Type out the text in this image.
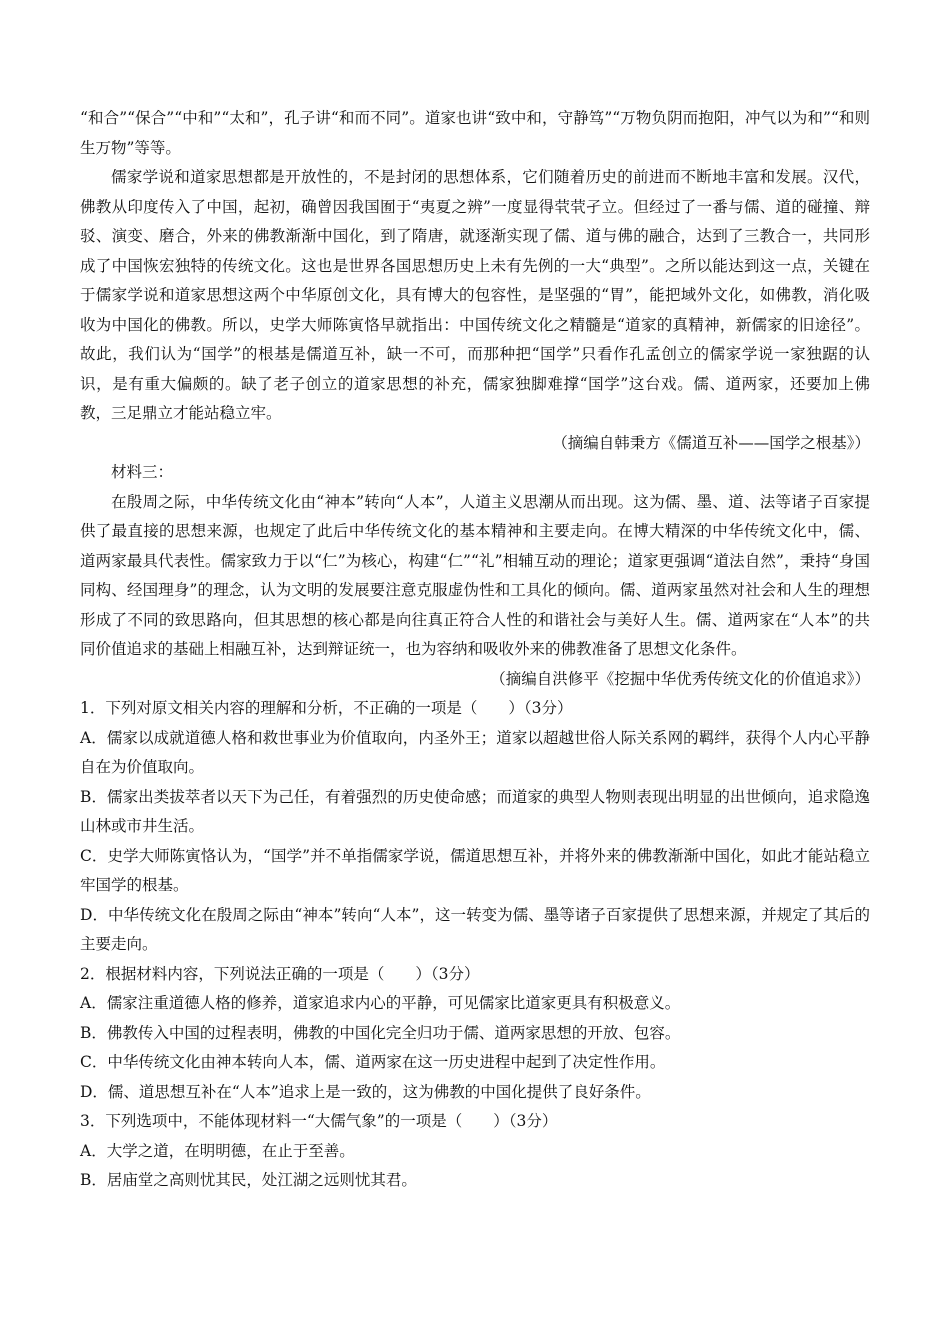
“和合”“保合”“中和”“太和”，孔子讲“和而不同”。道家也讲“致中和，守静笃”“万物负阴而抱阳，冲气以为和”“和则生万物”等等。

儒家学说和道家思想都是开放性的，不是封闭的思想体系，它们随着历史的前进而不断地丰富和发展。汉代，佛教从印度传入了中国，起初，确曾因我国囿于“夷夏之辨”一度显得茕茕孑立。但经过了一番与儒、道的碰撞、辩驳、演变、磨合，外来的佛教渐渐中国化，到了隋唐，就逐渐实现了儒、道与佛的融合，达到了三教合一，共同形成了中国恢宏独特的传统文化。这也是世界各国思想历史上未有先例的一大“典型”。之所以能达到这一点，关键在于儒家学说和道家思想这两个中华原创文化，具有博大的包容性，是坚强的“胃”，能把域外文化，如佛教，消化吸收为中国化的佛教。所以，史学大师陈寅恪早就指出：中国传统文化之精髓是“道家的真精神，新儒家的旧途径”。故此，我们认为“国学”的根基是儒道互补，缺一不可，而那种把“国学”只看作孔孟创立的儒家学说一家独踞的认识，是有重大偏颇的。缺了老子创立的道家思想的补充，儒家独脚难撑“国学”这台戏。儒、道两家，还要加上佛教，三足鼎立才能站稳立牢。

（摘编自韩秉方《儒道互补——国学之根基》）

材料三：

在殷周之际，中华传统文化由“神本”转向“人本”，人道主义思潮从而出现。这为儒、墨、道、法等诸子百家提供了最直接的思想来源，也规定了此后中华传统文化的基本精神和主要走向。在博大精深的中华传统文化中，儒、道两家最具代表性。儒家致力于以“仁”为核心，构建“仁”“礼”相辅互动的理论；道家更强调“道法自然”，秉持“身国同构、经国理身”的理念，认为文明的发展要注意克服虚伪性和工具化的倾向。儒、道两家虽然对社会和人生的理想形成了不同的致思路向，但其思想的核心都是向往真正符合人性的和谐社会与美好人生。儒、道两家在“人本”的共同价值追求的基础上相融互补，达到辩证统一，也为容纳和吸收外来的佛教准备了思想文化条件。

（摘编自洪修平《挖掘中华优秀传统文化的价值追求》）

1．下列对原文相关内容的理解和分析，不正确的一项是（　　）（3分）

A．儒家以成就道德人格和救世事业为价值取向，内圣外王；道家以超越世俗人际关系网的羁绊，获得个人内心平静自在为价值取向。

B．儒家出类拔萃者以天下为己任，有着强烈的历史使命感；而道家的典型人物则表现出明显的出世倾向，追求隐逸山林或市井生活。

C．史学大师陈寅恪认为，“国学”并不单指儒家学说，儒道思想互补，并将外来的佛教渐渐中国化，如此才能站稳立牢国学的根基。

D．中华传统文化在殷周之际由“神本”转向“人本”，这一转变为儒、墨等诸子百家提供了思想来源，并规定了其后的主要走向。

2．根据材料内容，下列说法正确的一项是（　　）（3分）

A．儒家注重道德人格的修养，道家追求内心的平静，可见儒家比道家更具有积极意义。

B．佛教传入中国的过程表明，佛教的中国化完全归功于儒、道两家思想的开放、包容。

C．中华传统文化由神本转向人本，儒、道两家在这一历史进程中起到了决定性作用。

D．儒、道思想互补在“人本”追求上是一致的，这为佛教的中国化提供了良好条件。

3．下列选项中，不能体现材料一“大儒气象”的一项是（　　）（3分）

A．大学之道，在明明德，在止于至善。

B．居庙堂之高则忧其民，处江湖之远则忧其君。
